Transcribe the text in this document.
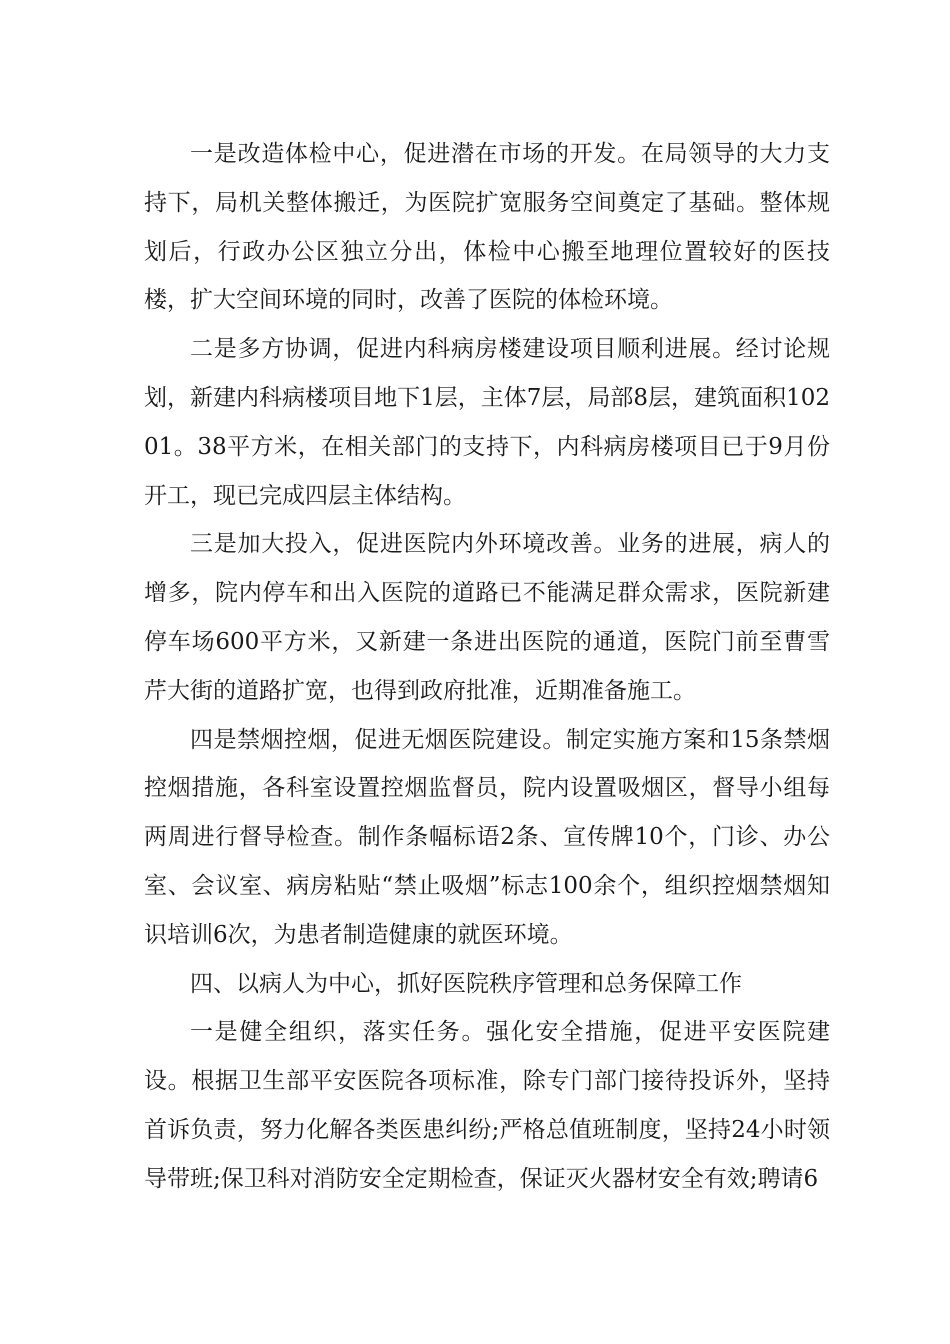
一是改造体检中心，促进潜在市场的开发。在局领导的大力支持下，局机关整体搬迁，为医院扩宽服务空间奠定了基础。整体规划后，行政办公区独立分出，体检中心搬至地理位置较好的医技楼，扩大空间环境的同时，改善了医院的体检环境。

二是多方协调，促进内科病房楼建设项目顺利进展。经讨论规划，新建内科病楼项目地下1层，主体7层，局部8层，建筑面积10201。38平方米，在相关部门的支持下，内科病房楼项目已于9月份开工，现已完成四层主体结构。

三是加大投入，促进医院内外环境改善。业务的进展，病人的增多，院内停车和出入医院的道路已不能满足群众需求，医院新建停车场600平方米，又新建一条进出医院的通道，医院门前至曹雪芹大街的道路扩宽，也得到政府批准，近期准备施工。

四是禁烟控烟，促进无烟医院建设。制定实施方案和15条禁烟控烟措施，各科室设置控烟监督员，院内设置吸烟区，督导小组每两周进行督导检查。制作条幅标语2条、宣传牌10个，门诊、办公室、会议室、病房粘贴“禁止吸烟”标志100余个，组织控烟禁烟知识培训6次，为患者制造健康的就医环境。

四、以病人为中心，抓好医院秩序管理和总务保障工作

一是健全组织，落实任务。强化安全措施，促进平安医院建设。根据卫生部平安医院各项标准，除专门部门接待投诉外，坚持首诉负责，努力化解各类医患纠纷;严格总值班制度，坚持24小时领导带班;保卫科对消防安全定期检查，保证灭火器材安全有效;聘请6
